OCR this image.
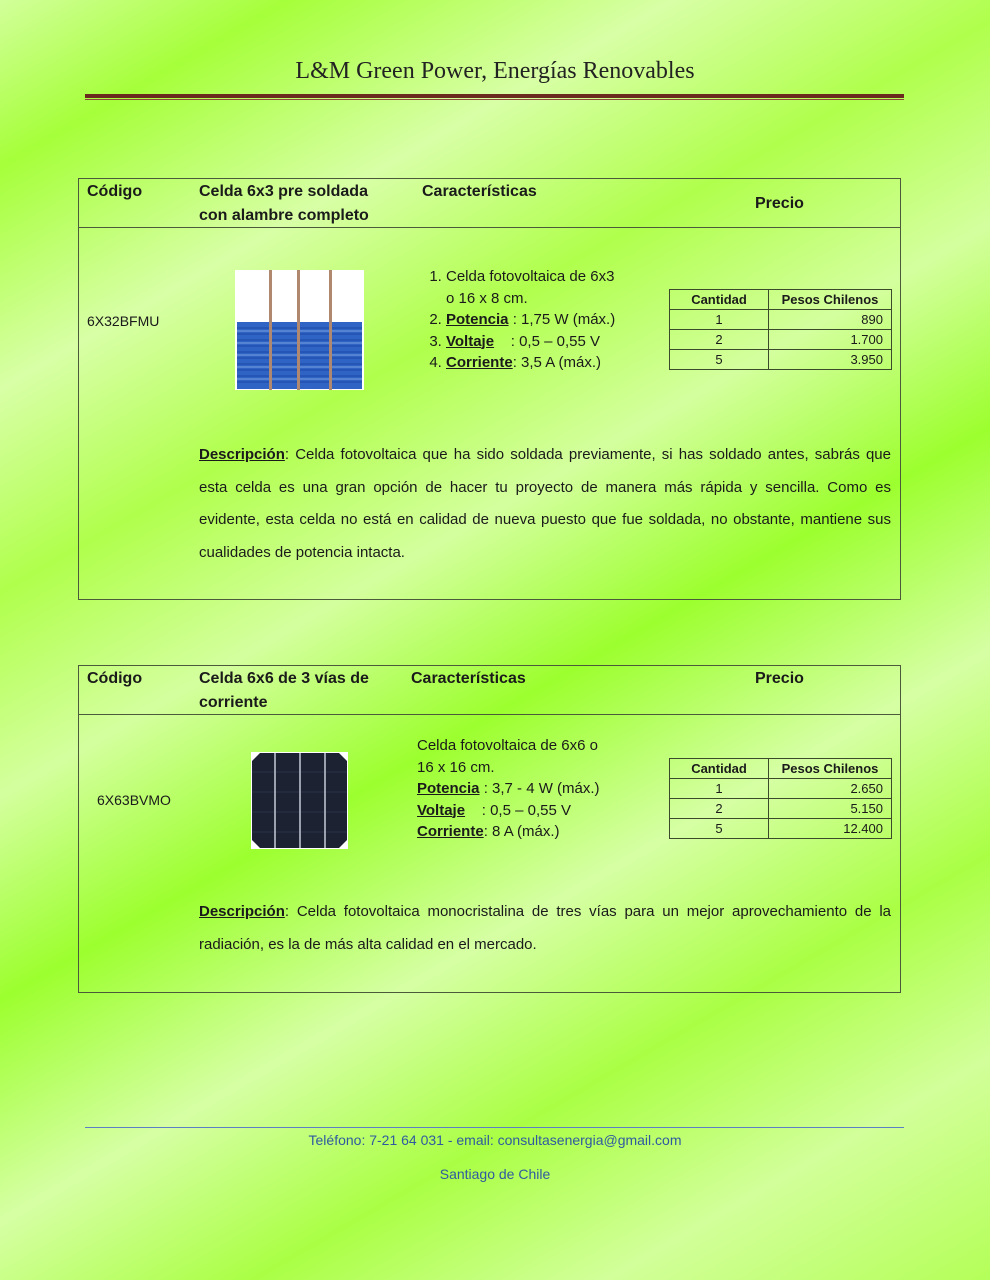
L&M Green Power, Energías Renovables
Código	Celda 6x3 pre soldada
con alambre completo
Características
Precio
6X32BFMU
1. Celda fotovoltaica de 6x3
o 16 x 8 cm.
2. Potencia : 1,75 W (máx.)
3. Voltaje    : 0,5 – 0,55 V
4. Corriente: 3,5 A (máx.)
Cantidad	Pesos Chilenos
1	890
2	1.700
5	3.950
Descripción: Celda fotovoltaica que ha sido soldada previamente, si has soldado antes, sabrás que esta celda es una gran opción de hacer tu proyecto de manera más rápida y sencilla. Como es evidente, esta celda no está en calidad de nueva puesto que fue soldada, no obstante, mantiene sus cualidades de potencia intacta.
Código	Celda 6x6 de 3 vías de
corriente
Características	Precio
6X63BVMO
Celda fotovoltaica de 6x6 o
16 x 16 cm.
Potencia : 3,7 - 4 W (máx.)
Voltaje    : 0,5 – 0,55 V
Corriente: 8 A (máx.)
Cantidad	Pesos Chilenos
1	2.650
2	5.150
5	12.400
Descripción: Celda fotovoltaica monocristalina de tres vías para un mejor aprovechamiento de la radiación, es la de más alta calidad en el mercado.
Teléfono: 7-21 64 031 - email: consultasenergia@gmail.com
Santiago de Chile
